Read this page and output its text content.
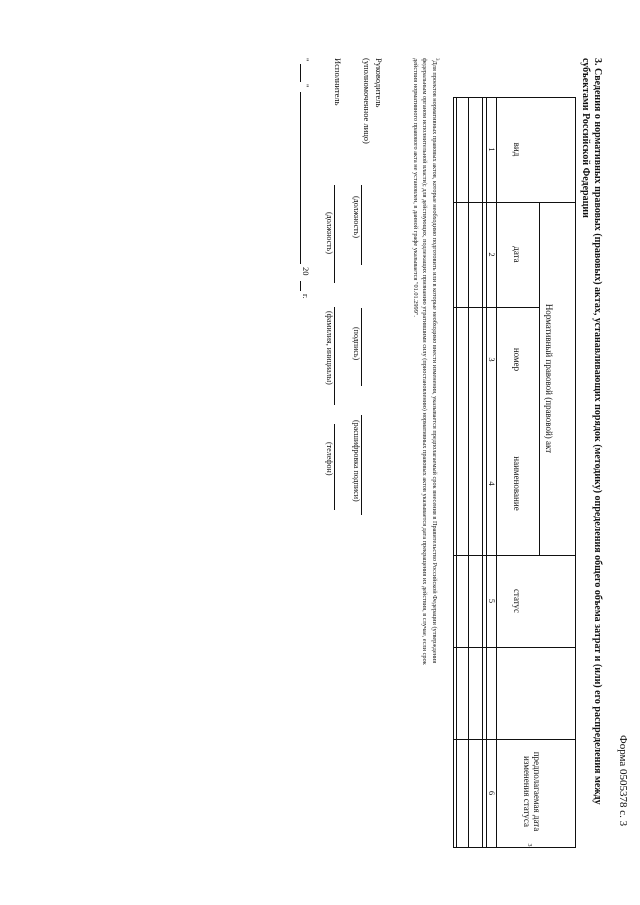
Форма 0505378 с. 3
3. Сведения о нормативных правовых (правовых) актах, устанавливающих порядок (методику) определения общего объема затрат и (или) его распределения между субъектами Российской Федерации
Нормативный правовой (правовой) акт
вид
дата
номер
наименование
статус
предполагаемая дата изменения статуса$^3$
1
2
3
4
5
6
$^3$Для проектов нормативных правовых актов, которые необходимо подготовить или в которые необходимо внести изменения, указывается предполагаемый срок внесения в Правительство Российской Федерации (утверждения
федеральным органом исполнительной власти); для действующих, подлежащих признанию утратившими силу (приостановлению) нормативных правовых актов указывается дата прекращения их действия, в случае, если срок
действия нормативного правового акта не установлен, в данной графе указывается "01.01.2999".
Руководитель
(уполномоченное лицо)
(должность)
(подпись)
(расшифровка подписи)
Исполнитель
(должность)
(фамилия, инициалы)
(телефон)
"
"
20
г.
